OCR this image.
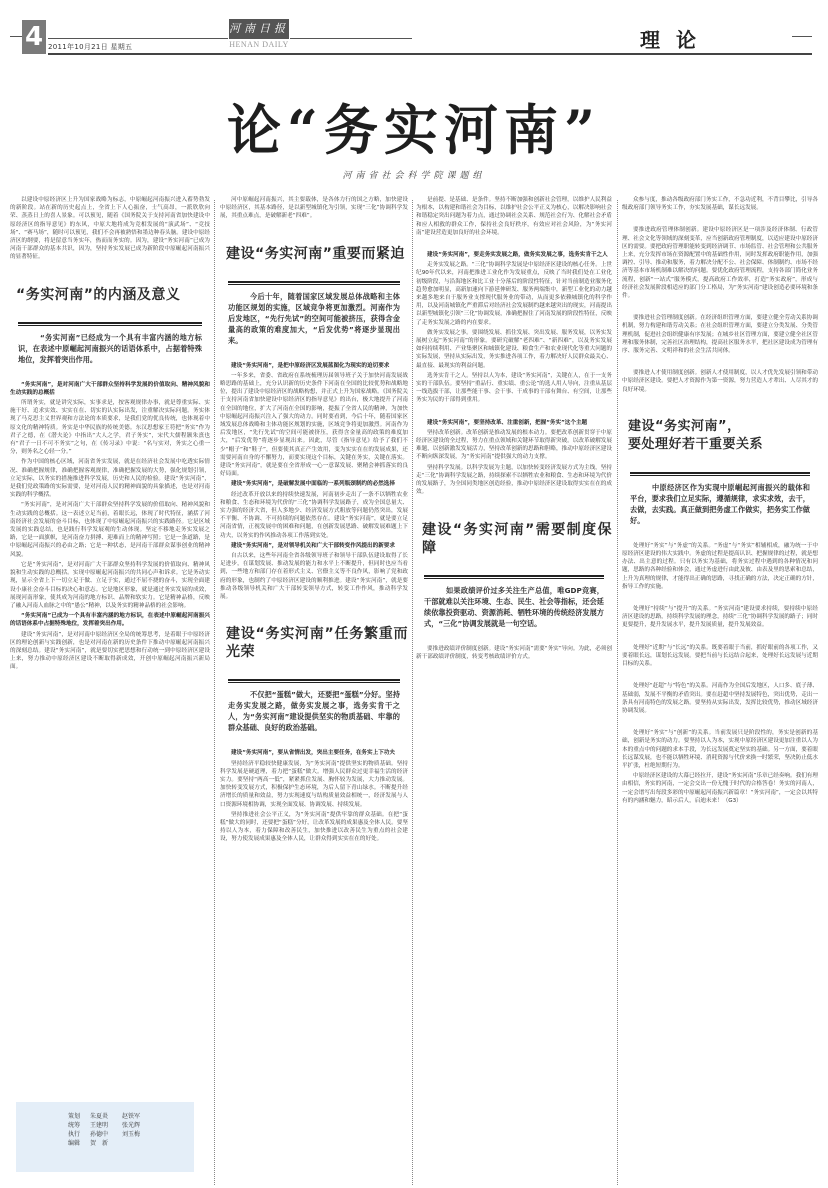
4 2011年10月21日 星期五
河南日报
HENAN DAILY	理论
论“务实河南”
河南省社会科学院课题组

以建设中原经济区上升为国家战略为标志，中原崛起河南振兴进入蓄势勃发的新阶段。站在新的历史起点上，全省上下人心振奋，士气高昂，一派欣欣向荣、蒸蒸日上的喜人景象。可以预见，随着《国务院关于支持河南省加快建设中原经济区的指导意见》的东风，中原大地将成为竞相发展的“演武场”、“竞技场”、“赛马场”，随时可以预见，我们不会再被熟悟和墨边种春头脑。建设中原经济区的纲要，将是留意当务实年，热而而务实的。因为，建设“务实河南”已成为河南干部群众的基本共识，因为，坚持务实发展已成为新阶段中原崛起河南振兴的显著特征。

“务实河南”的内涵及意义

“务实河南”已经成为一个具有丰富内涵的地方标识，在表述中原崛起河南振兴的话语体系中，占据着特殊地位，发挥着突出作用。

“务实河南”，是对河南广大干部群众坚持科学发展的价值取向、精神风貌和生动实践的总概括

所谓务实，就是讲究实际，实事求是，按客观规律办事，就是尊重实际、实施干好、追求实效、实实在在、切实的认实际出发，注重解决实际问题。务实体现了马克思主义世界观和方法论的本质要求，是我们党的优良传统，也体现着中原文化的精神特质。务实是中华民族的传统美德。东汉思想家王符把“务实”作为君子之德，在《潜夫论》中指出“大人之学，君子务实”，宋代大儒程颢朱熹也有“君子一日不可不务实”之句，在《传习录》中说：“名与实对，务实之心重一分，则务名之心轻一分。”

作为中国的核心区域，河南省务实发展，就是在经济社会发展中吃透实际情况、准确把握规律，准确把握客观规律，准确把握发展的大势，强化规划引领，立足实际，以务实的措施推进科学发展，历史和人民的检验。建设“务实河南”，是我们党政策路的实际需要，是对河南人民的精神面貌的具象描述，也是对河南实践的科学概括。

“务实河南”，是对河南广大干部群众坚持科学发展的价值取向、精神风貌和生动实践的总概括。这一表述立足当前，着眼长远，体现了时代特征，涵括了河南经济社会发展的奋斗目标，也体现了中原崛起河南振兴的实践路径。它是区域发展的实践总结，也是践行科学发展观的生动体现。坚定不移地走务实发展之路，它是一面旗帜，是河南奋力拼搏、迎难而上的精神写照；它是一条道路，是中原崛起河南振兴的必由之路；它是一种状态，是河南干部群众谋事创业的精神风貌。

它是“务实河南”，是对河南广大干部群众坚持科学发展的价值取向、精神风貌和生动实践的总概括。实现中原崛起河南振兴的共同心声和诉求。它是务动实现，显示全省上下一切立足于做、立足于实，通过不屈不挠的奋斗，实现全面建设小康社会奋斗目标的决心和意志。它是地区形象，就是通过务实发展的成效，展现河南形象，使其成为河南的地方标识、品牌和软实力。它是精神品格，反映了融入河南人血脉之中的“愚公”精神，以及务实的精神品格的社会影响。

“务实河南”已成为一个具有丰富内涵的地方标识，在表述中原崛起河南振兴的话语体系中占据特殊地位，发挥着突出作用。

建设“务实河南”，是对河南中原经济区全局的统筹思考，是着眼于中原经济区的理论创新与实践创新，也是对河南在新的历史条件下推动中原崛起河南振兴的深刻总结。建设“务实河南”，就是要切实把思想和行动统一到中原经济区建设上来，努力推动中原经济区建设不断取得新成效，开创中原崛起河南振兴新局面。

策划	朱夏炎	赵铁军
统筹	王建明	张光辉
执行	孙德中	刘玉梅
编辑	贺　新

河中原崛起河南振兴，其主要载体，是各体力行的国之方略，加快建设中原经济区，其基本路径，是以新型城镇化为引领，实现“三化”协调科学发展，其重点难点，是破解新老“四难”。

建设“务实河南”重要而紧迫

今后十年，随着国家区域发展总体战略和主体功能区规划的实施，区域竞争将更加激烈。河南作为后发地区，“先行先试”的空间可能被挤压，获得含金量高的政策的难度加大，“后发优势”将逐步显现出来。

建设“务实河南”，是把中原经济区发展蓝图化为现实的迫切要求

一年多来，省委、省政府在系统梳理历届领导班子关于加快河南发展战略思路的基础上，充分认识新的历史条件下河南在全国的比较优势和战略地位，提出了建设中原经济区的战略构想，并正式上升为国家战略。《国务院关于支持河南省加快建设中原经济区的指导意见》的出台，极大地提升了河南在全国的地位，扩大了河南在全国的影响，提振了全省人民的精神，为加快中原崛起河南振兴注入了强大的动力。同时要看到，今后十年，随着国家区域发展总体战略和主体功能区规划的实施，区域竞争将更加激烈。河南作为后发地区，“先行先试”的空间可能被挤压，获得含金量高的政策的难度加大，“后发优势”将逐步显现出来。因此，尽管《指导意见》给予了我们不少“帽子”和“鞋子”，但要使其真正产生效用，变为实实在在的发展成果，还需要河南自身的不懈努力，而要实现这个目标，关键在务实，关键在落实。建设“务实河南”，就是要在全省形成一心一意谋发展、聚精会神抓落实的良好局面。

建设“务实河南”，是破解发展中面临的一系列瓶颈制约的必然选择

经过改革开放以来的持续快速发展，河南初步走出了一条不以牺牲农业和粮食、生态和环境为代价的“三化”协调科学发展路子，成为全国总量大、实力强的经济大省，但人多地少、经济发展方式粗放等问题仍然突出，发展不平衡、不协调、不可持续的问题依然存在。建设“务实河南”，就是要立足河南省情，正视发展中的困难和问题，在创新发展思路、破解发展难题上下功夫，以务实的作风推动各项工作落到实处。

建设“务实河南”，是对领导机关和广大干部转变作风提出的新要求

自古以来，这些年河南全省各级领导班子和领导干部队伍建设取得了长足进步，在谋划发展、推动发展的能力和水平上不断提升，但同时也应当看到，一些地方和部门存在着形式主义、官僚主义等不良作风，影响了党和政府的形象，也制约了中原经济区建设的顺利推进。建设“务实河南”，就是要推动各级领导机关和广大干部转变领导方式，转变工作作风，推动科学发展。

建设“务实河南”任务繁重而光荣

不仅把“蛋糕”做大，还要把“蛋糕”分好。坚持走务实发展之路，做务实发展之事，选务实肯干之人，为“务实河南”建设提供坚实的物质基础、牢靠的群众基础、良好的政治基础。

建设“务实河南”，要从省情出发，突出主要任务，在务实上下功夫

坚持经济平稳较快健康发展，为“务实河南”提供坚实的物质基础。坚持科学发展是硬道理，着力把“蛋糕”做大。增强人民群众过更幸福生活的经济实力。要坚持“两高一低”，紧紧抓住发展、胸怀较为发展，大力推动发展。加快转变发展方式，积极保护生态环境，为后人留下青山绿水。不断提升经济增长的质量和效益，努力实现速度与结构质量效益相统一，经济发展与人口资源环境相协调，实现全面发展、协调发展、持续发展。

坚持推进社会公平正义，为“务实河南”提供牢靠的群众基础。在把“蛋糕”做大的同时，还要把“蛋糕”分好，让改革发展的成果惠及全体人民。要坚持以人为本，着力保障和改善民生，加快推进以改善民生为重点的社会建设，努力使发展成果惠及全体人民，让群众得到实实在在的好处。

是前提、是基础、是条件。坚持不断加强和创新社会管理，以维护人民利益为根本，以构建和谐社会为目标，以维护社会公平正义为核心，以解决影响社会和谐稳定突出问题为着力点，通过协调社会关系、规范社会行为、化解社会矛盾和应人相救的群众工作，保持社会良好秩序，有效应对社会风险，为“务实河南”建设营造更加良好的社会环境。

建设“务实河南”，要走务实发展之路，做务实发展之事，选务实肯干之人

走务实发展之路。“三化”协调科学发展是中原经济区建设的核心任务。上世纪90年代以来，河南把推进工业化作为发展重点，反映了当时我们处在工业化初级阶段，与沿海地区和比工业十分落后的阶段性特征，针对当前制造业服务化趋势愈加明显，高新加速向下游延伸研发、服务两端集中，新型工业化的动力越来越多地来自于服务业支撑现代服务业的带动，从而更多依赖城镇化的科学作用，以及河南城镇化严重滞后对经济社会发展制约越来越突出的现实，河南提出以新型城镇化引领“三化”协调发展，准确把握住了河南发展的阶段性特征，反映了走务实发展之路的内在要求。

做务实发展之事。要围绕发展、抓住发展、突出发展、服务发展，以务实发展树立起“务实河南”的形象。要研究破解“老四难”、“新四难”，以及务实发展如何持续利用、产业集聚区和城镇化建设、粮食生产和农业现代化等重大问题的实际发展，坚持从实际出发，务实推进各项工作，着力解决好人民群众最关心、最直接、最现实的利益问题。

选务实肯干之人。坚持以人为本，建设“务实河南”，关键在人，在于一支务实的干部队伍。要坚持“重品行、重实绩、重公论”的选人用人导向，注重从基层一线选拔干部，让那些能干事、会干事、干成事的干部有舞台、有空间，让那些务实为民的干部得到重用。

建设“务实河南”，要坚持改革、注重创新，把握“务实”这个主题

坚持改革创新。改革创新是推动发展的根本动力。要把改革创新贯穿于中原经济区建设的全过程，努力在重点领域和关键环节取得新突破。以改革破解发展难题，以创新激发发展活力，坚持改革创新的思路和胆略，推动中原经济区建设不断向纵深发展，为“务实河南”提供强大的动力支撑。

坚持科学发展。以科学发展为主题，以加快转变经济发展方式为主线，坚持走“三化”协调科学发展之路，持续探索不以牺牲农业和粮食、生态和环境为代价的发展路子，为全国同类地区创造经验，推动中原经济区建设取得实实在在的成效。

建设“务实河南”需要制度保障

如果政绩评价过多关注生产总值，唯GDP竞赛，干部就难以关注环境、生态、民生、社会等指标，还会延续依靠投资驱动、资源消耗、牺牲环境的传统经济发展方式，“三化”协调发展就是一句空话。

要推进政绩评价制度创新。建设“务实河南”需要“务实”导向。为此，必须创新干部政绩评价制度，转变考核政绩评价方式。

众参与度，推动各级政府部门务实工作，不急功近利，不背目攀比，引导各级政府部门领导务实工作，夯实发展基础，谋长远发展。

要推进政府管理体制创新。建设中原经济区是一项涉及经济体制、行政管理、社会文化等领域的深刻变革，应当创新政府管理制度，以适应建设中原经济区的需要。要把政府管理职能转变到经济调节、市场监管、社会管理和公共服务上来，充分发挥市场在资源配置中的基础性作用，同时发挥政府职能作用，加强调控、引导、推动和服务，着力解决分配不公、社会保障、体制制约、市场不经济等基本市场机制难以解决的问题。要优化政府管理流程，支持各部门简化业务流程，创新“一站式”服务模式，提高政府工作效率，打造“务实政府”，形成与经济社会发展阶段相适应的部门分工格局，为“务实河南”建设创造必要环境和条件。

要推进社会管理制度创新。在经济组织管理方面，要建立健全劳动关系协调机制，努力构建和谐劳动关系；在社会组织管理方面，要建立分类发展、分类管理机制，促进社会组织健康有序发展；在城乡社区管理方面，要建立健全社区管理和服务体制，完善社区治理结构，提高社区服务水平，把社区建设成为管理有序、服务完善、文明祥和的社会生活共同体。

要推进人才使用制度创新。创新人才使用制度，以人才优先发展引领和带动中原经济区建设。要把人才资源作为第一资源，努力营造人才辈出、人尽其才的良好环境。

建设“务实河南”，
要处理好若干重要关系

中原经济区作为实现中原崛起河南振兴的载体和平台，要求我们立足实际，遵循规律，求实求效，去干，去做，去实践。真正做到把务虚工作做实，把务实工作做好。

处理好“务实”与“务虚”的关系。“务虚”与“务实”相辅相成，融为统一于中原经济区建设的伟大实践中。务虚的过程是提高认识、把握规律的过程，就是想办法、出主意的过程。只有以务实为基础，将务实过程中遇到的各种情况和问题，思路的各种经验和体会，通过务虚进行由此及彼、由表及里的思索和总结，上升为真理的规律，才能得出正确的思路，寻找正确的方法，决定正确的方针，指导工作的实施。

处理好“持续”与“提升”的关系。“务实河南”建设要求持续，要持续中原经济区建设的思路，持续科学发展的理念，持续“三化”协调科学发展的路子；同时更要提升，提升发展水平，提升发展质量，提升发展效益。

处理好“近期”与“长远”的关系。既要着眼于当前，抓好眼前的各项工作，又要着眼长远，谋划长远发展。要把当前与长远结合起来，处理好长远发展与近期目标的关系。

处理好“赶超”与“特色”的关系。河南作为全国后发地区，人口多、底子薄、基础弱，发展不平衡的矛盾突出。要在赶超中坚持发展特色，突出优势，走出一条具有河南特色的发展之路。要坚持从实际出发，发挥比较优势，推动区域经济协调发展。

处理好“务实”与“创新”的关系。当前发展只是阶段性的，务实是创新的基础，创新是务实的动力。要坚持以人为本，实现中原经济区建设更加注重以人为本的重点中的问题的求本手段，为长远发展奠定坚实的基础。另一方面，要着眼长远谋发展，也不能以牺牲环境、消耗资源与代价来换一时繁荣，坚决防止低水平扩张，杜绝短期行为。

中原经济区建设的大幕已经拉开，建设“务实河南”乐章已经奏响。我们有理由相信，务实的河南，一定会交出一份无愧于时代的合格答卷！务实的河南人，一定会谱写出每段多彩的中原崛起河南振兴新篇章！“务实河南”，一定会以其特有的内涵和魅力，昭示后人，启迪未来！（G3）
